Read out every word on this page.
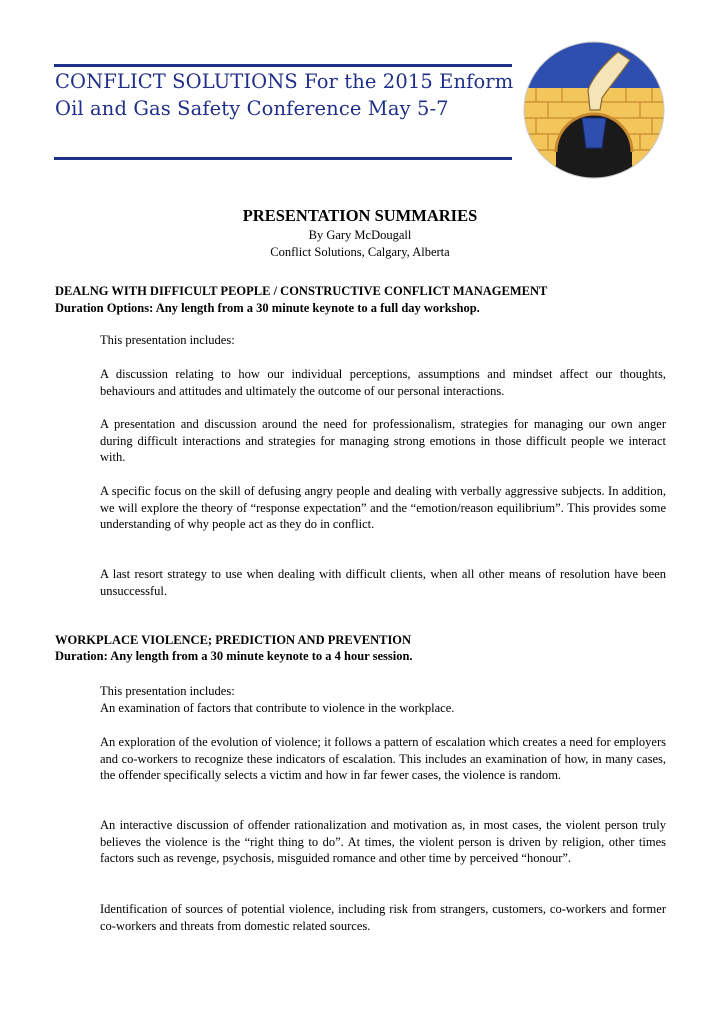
CONFLICT SOLUTIONS For the 2015 Enform Oil and Gas Safety Conference May 5-7
PRESENTATION SUMMARIES
By Gary McDougall
Conflict Solutions, Calgary, Alberta
DEALNG WITH DIFFICULT PEOPLE / CONSTRUCTIVE CONFLICT MANAGEMENT
Duration Options: Any length from a 30 minute keynote to a full day workshop.
This presentation includes:
A discussion relating to how our individual perceptions, assumptions and mindset affect our thoughts, behaviours and attitudes and ultimately the outcome of our personal interactions.
A presentation and discussion around the need for professionalism, strategies for managing our own anger during difficult interactions and strategies for managing strong emotions in those difficult people we interact with.
A specific focus on the skill of defusing angry people and dealing with verbally aggressive subjects. In addition, we will explore the theory of “response expectation” and the “emotion/reason equilibrium”. This provides some understanding of why people act as they do in conflict.
A last resort strategy to use when dealing with difficult clients, when all other means of resolution have been unsuccessful.
WORKPLACE VIOLENCE; PREDICTION AND PREVENTION
Duration: Any length from a 30 minute keynote to a 4 hour session.
This presentation includes:
An examination of factors that contribute to violence in the workplace.
An exploration of the evolution of violence; it follows a pattern of escalation which creates a need for employers and co-workers to recognize these indicators of escalation. This includes an examination of how, in many cases, the offender specifically selects a victim and how in far fewer cases, the violence is random.
An interactive discussion of offender rationalization and motivation as, in most cases, the violent person truly believes the violence is the “right thing to do”. At times, the violent person is driven by religion, other times factors such as revenge, psychosis, misguided romance and other time by perceived “honour”.
Identification of sources of potential violence, including risk from strangers, customers, co-workers and former co-workers and threats from domestic related sources.
